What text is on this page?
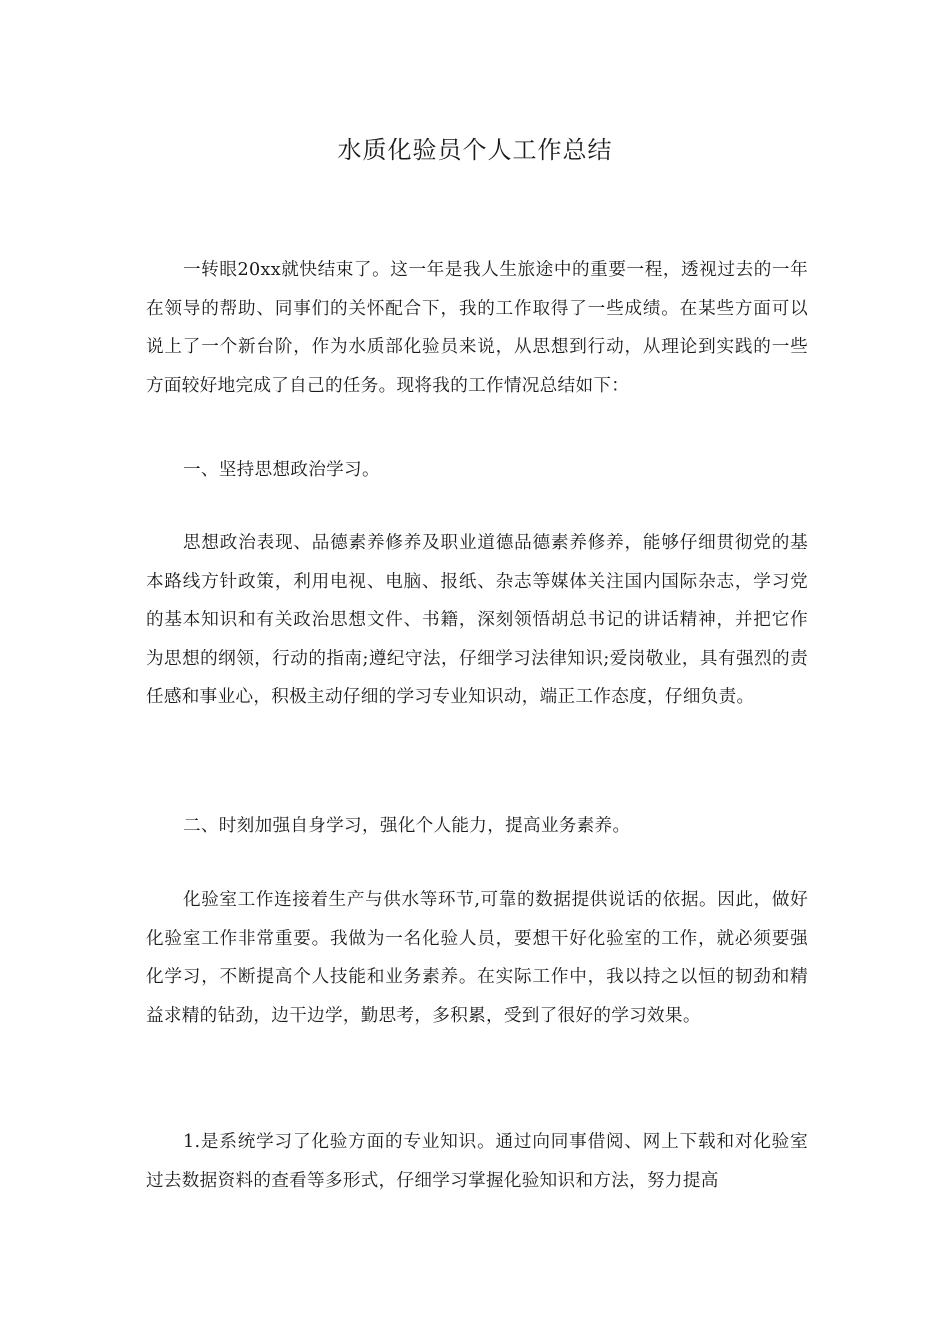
水质化验员个人工作总结

一转眼20xx就快结束了。这一年是我人生旅途中的重要一程，透视过去的一年在领导的帮助、同事们的关怀配合下，我的工作取得了一些成绩。在某些方面可以说上了一个新台阶，作为水质部化验员来说，从思想到行动，从理论到实践的一些方面较好地完成了自己的任务。现将我的工作情况总结如下：

一、坚持思想政治学习。

思想政治表现、品德素养修养及职业道德品德素养修养，能够仔细贯彻党的基本路线方针政策，利用电视、电脑、报纸、杂志等媒体关注国内国际杂志，学习党的基本知识和有关政治思想文件、书籍，深刻领悟胡总书记的讲话精神，并把它作为思想的纲领，行动的指南;遵纪守法，仔细学习法律知识;爱岗敬业，具有强烈的责任感和事业心，积极主动仔细的学习专业知识动，端正工作态度，仔细负责。

二、时刻加强自身学习，强化个人能力，提高业务素养。

化验室工作连接着生产与供水等环节,可靠的数据提供说话的依据。因此，做好化验室工作非常重要。我做为一名化验人员，要想干好化验室的工作，就必须要强化学习，不断提高个人技能和业务素养。在实际工作中，我以持之以恒的韧劲和精益求精的钻劲，边干边学，勤思考，多积累，受到了很好的学习效果。

1.是系统学习了化验方面的专业知识。通过向同事借阅、网上下载和对化验室过去数据资料的查看等多形式，仔细学习掌握化验知识和方法，努力提高
